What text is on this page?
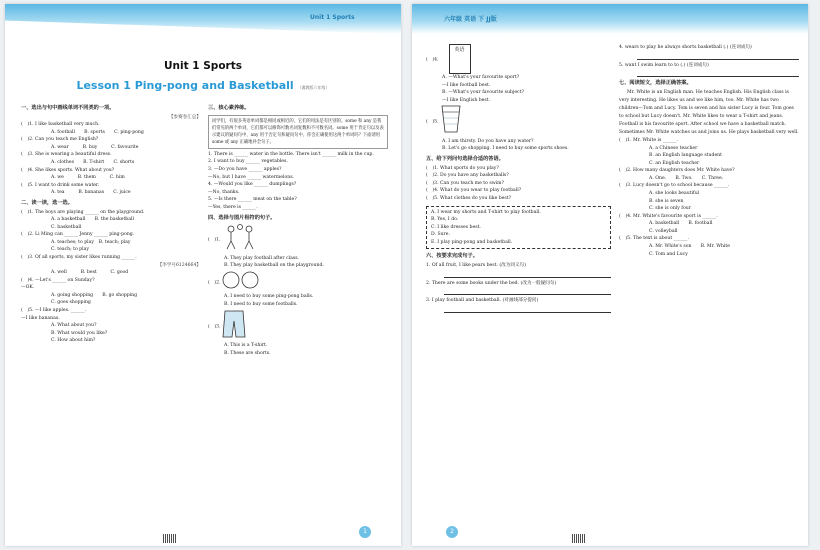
Unit 1 Sports
Unit 1 Sports
Lesson 1 Ping-pong and Basketball （冀教版六年级）
一、选出与句中画线单词不同类的一项。
【参赛卷汇总】
(　)1. I like basketball very much.
A. football　　B. sports　　C. ping-pong
(　)2. Can you teach me English?
A. wear　　　B. buy　　　C. favourite
(　)3. She is wearing a beautiful dress.
A. clothes　　B. T-shirt　　C. shorts
(　)4. She likes sports. What about you?
A. we　　　B. them　　　C. him
(　)5. I want to drink some water.
A. tea　　　B. bananas　　C. juice
二、读一读，选一选。
(　)1. The boys are playing ______ on the playground.
A. a basketball　　B. the basketball
C. basketball
(　)2. Li Ming can ______ Jenny ______ ping-pong.
A. teaches; to play　B. teach; play
C. teach; to play
(　)3. Of all sports, my sister likes running ______.
【李学号6124664】
A. well　　　B. best　　　C. good
(　)4. —Let's ______ on Sunday?
—OK.
A. going shopping　　B. go shopping
C. goes shopping
(　)5. —I like apples. ______.
—I like bananas.
A. What about you?
B. What would you like?
C. How about him?
三、核心素养练。
同学们，有很多英语单词都是相同或相近的，它们的用法是有区别的。some 和 any 是我们常见的两个单词，它们都可以修饰可数名词复数和不可数名词。some 用于肯定句以及表示建议的疑问句中，any 用于否定句和疑问句中。你会正确使用这两个单词吗？下面请用 some 或 any 正确地补全句子。
1. There is ______ water in the bottle. There isn't ______ milk in the cup.
2. I want to buy ______ vegetables.
3. —Do you have ______ apples?
—No, but I have ______ watermelons.
4. —Would you like ______ dumplings?
—No, thanks.
5. —Is there ______ meat on the table?
—Yes, there is ______.
四、选择与图片相符的句子。
(　)1.
A. They play football after class.
B. They play basketball on the playground.
(　)2.
A. I need to buy some ping-pong balls.
B. I need to buy some footballs.
(　)3.
A. This is a T-shirt.
B. These are shorts.
1
六年级 英语 下 JJ版
(　)4.英语
A. —What's your favourite sport?
—I like football best.
B. —What's your favourite subject?
—I like English best.
(　)5.
A. I am thirsty. Do you have any water?
B. Let's go shopping. I need to buy some sports shoes.
五、给下列问句选择合适的答语。
(　)1. What sports do you play?
(　)2. Do you have any basketballs?
(　)3. Can you teach me to swim?
(　)4. What do you wear to play football?
(　)5. What clothes do you like best?
A. I wear my shorts and T-shirt to play football.
B. Yes, I do.
C. I like dresses best.
D. Sure.
E. I play ping-pong and basketball.
六、按要求完成句子。
1. Of all fruit, I like pears best. (改为同义句)
2. There are some books under the bed. (改为一般疑问句)
3. I play football and basketball. (对画线部分提问)
4. wears to play he always shorts basketball (.) (连词成句)
5. want I swim learn to to (.) (连词成句)
七、阅读短文，选择正确答案。
Mr. White is an English man. He teaches English. His English class is very interesting. He likes us and we like him, too. Mr. White has two children—Tom and Lucy. Tom is seven and his sister Lucy is four. Tom goes to school but Lucy doesn't. Mr. White likes to wear a T-shirt and jeans. Football is his favourite sport. After school we have a basketball match. Sometimes Mr. White watches us and joins us. He plays basketball very well.
(　)1. Mr. White is ______.
A. a Chinese teacher
B. an English language student
C. an English teacher
(　)2. How many daughters does Mr. White have?
A. One.　　B. Two.　　C. Three.
(　)3. Lucy doesn't go to school because ______.
A. she looks beautiful
B. she is seven
C. she is only four
(　)4. Mr. White's favourite sport is ______.
A. basketball　　B. football
C. volleyball
(　)5. The text is about ______.
A. Mr. White's son　　B. Mr. White
C. Tom and Lucy
2
